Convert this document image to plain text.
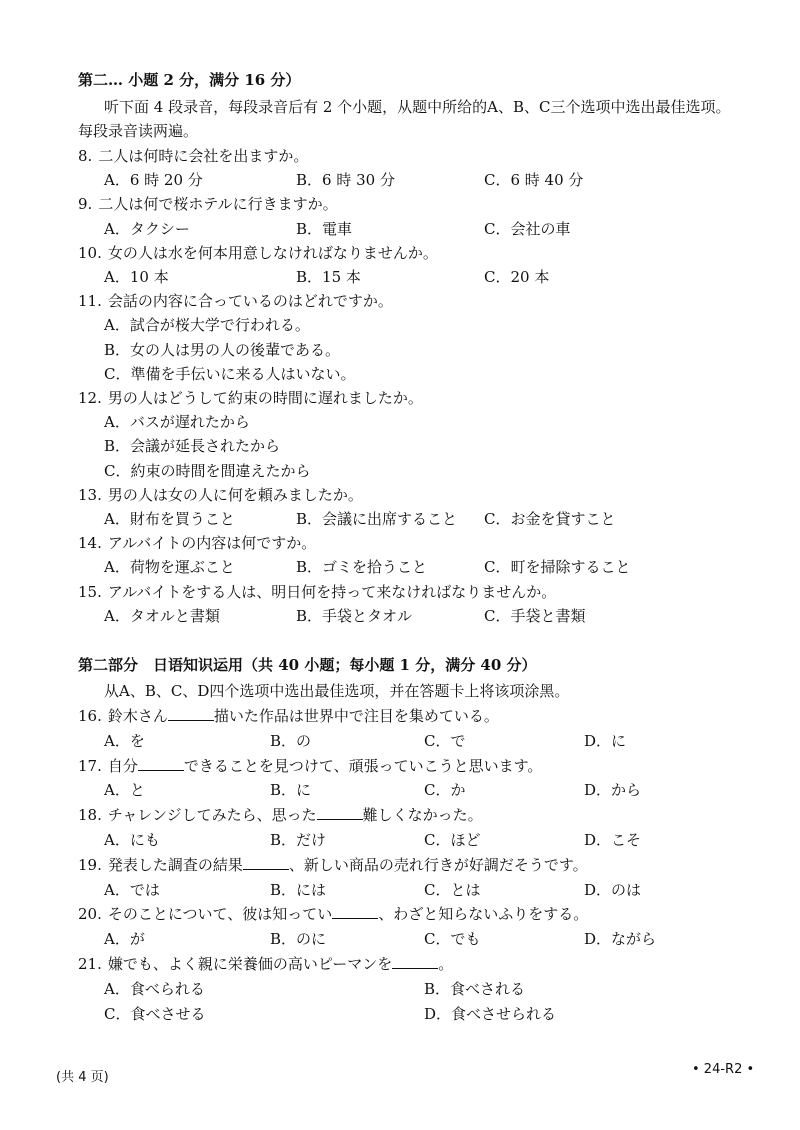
第二… 小题 2 分，满分 16 分）
听下面 4 段录音，每段录音后有 2 个小题，从题中所给的A、B、C三个选项中选出最佳选项。
每段录音读两遍。
8. 二人は何時に会社を出ますか。
A．6 時 20 分	B．6 時 30 分	C．6 時 40 分
9. 二人は何で桜ホテルに行きますか。
A．タクシー	B．電車	C．会社の車
10. 女の人は水を何本用意しなければなりませんか。
A．10 本	B．15 本	C．20 本
11. 会話の内容に合っているのはどれですか。
A．試合が桜大学で行われる。
B．女の人は男の人の後輩である。
C．準備を手伝いに来る人はいない。
12. 男の人はどうして約束の時間に遅れましたか。
A．バスが遅れたから
B．会議が延長されたから
C．約束の時間を間違えたから
13. 男の人は女の人に何を頼みましたか。
A．財布を買うこと	B．会議に出席すること C．お金を貸すこと
14. アルバイトの内容は何ですか。
A．荷物を運ぶこと	B．ゴミを拾うこと	C．町を掃除すること
15. アルバイトをする人は、明日何を持って来なければなりませんか。
A．タオルと書類	B．手袋とタオル	C．手袋と書類
第二部分　日语知识运用（共 40 小题；每小题 1 分，满分 40 分）
从A、B、C、D四个选项中选出最佳选项，并在答题卡上将该项涂黑。
16. 鈴木さん	描いた作品は世界中で注目を集めている。
A．を	B．の	C．で	D．に
17. 自分	できることを見つけて、頑張っていこうと思います。
A．と	B．に	C．か	D．から
18. チャレンジしてみたら、思った	難しくなかった。
A．にも	B．だけ	C．ほど	D．こそ
19. 発表した調査の結果	、新しい商品の売れ行きが好調だそうです。
A．では	B．には	C．とは	D．のは
20. そのことについて、彼は知ってい	、わざと知らないふりをする。
A．が	B．のに	C．でも	D．ながら
21. 嫌でも、よく親に栄養価の高いピーマンを	。
A．食べられる	B．食べされる
C．食べさせる	D．食べさせられる
(共 4 页)
• 24-R2 •
